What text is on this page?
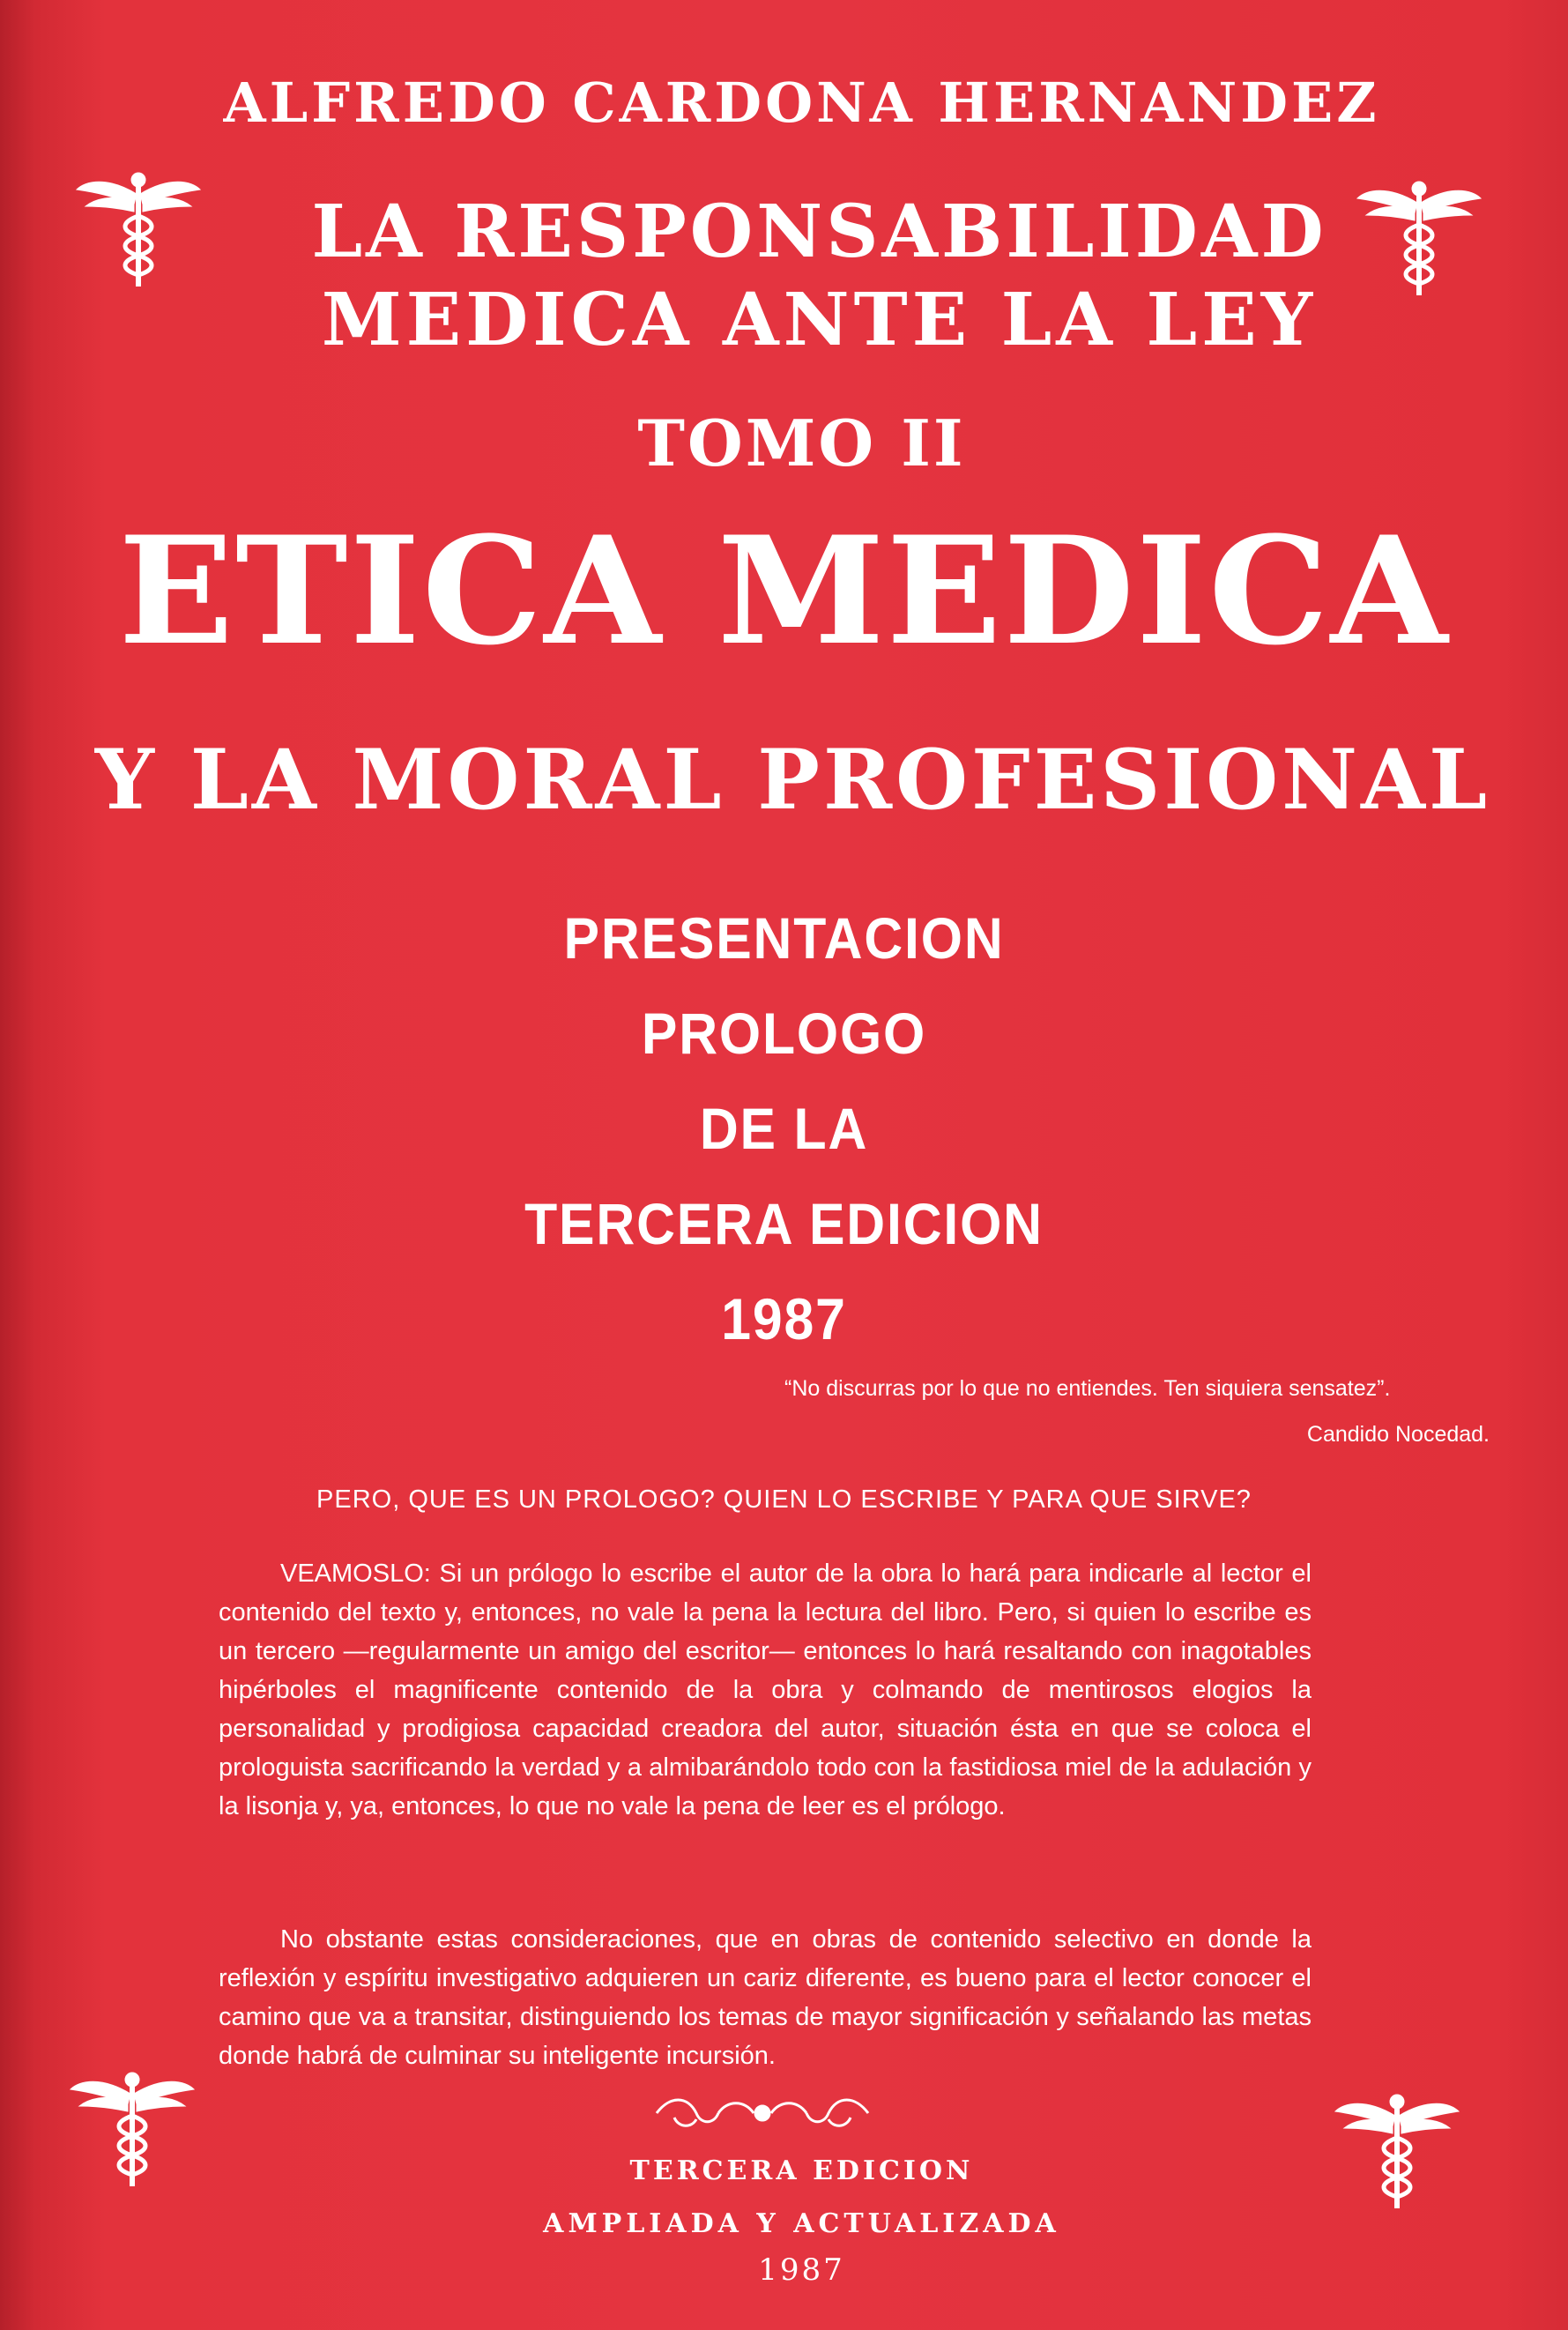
ALFREDO CARDONA HERNANDEZ
LA RESPONSABILIDAD
MEDICA ANTE LA LEY
TOMO II
ETICA MEDICA
Y LA MORAL PROFESIONAL
PRESENTACION
PROLOGO
DE LA
TERCERA EDICION
1987
“No discurras por lo que no entiendes. Ten siquiera sensatez”.
Candido Nocedad.
PERO, QUE ES UN PROLOGO? QUIEN LO ESCRIBE Y PARA QUE SIRVE?
VEAMOSLO: Si un prólogo lo escribe el autor de la obra lo hará para indicarle al lector el contenido del texto y, entonces, no vale la pena la lectura del libro. Pero, si quien lo escribe es un tercero —regularmente un amigo del escritor— entonces lo hará resaltando con inagotables hipérboles el magnificente contenido de la obra y colmando de mentirosos elogios la personalidad y prodigiosa capacidad creadora del autor, situación ésta en que se coloca el prologuista sacrificando la verdad y a almibarándolo todo con la fastidiosa miel de la adulación y la lisonja y, ya, entonces, lo que no vale la pena de leer es el prólogo.
No obstante estas consideraciones, que en obras de contenido selectivo en donde la reflexión y espíritu investigativo adquieren un cariz diferente, es bueno para el lector conocer el camino que va a transitar, distinguiendo los temas de mayor significación y señalando las metas donde habrá de culminar su inteligente incursión.
TERCERA EDICION
AMPLIADA Y ACTUALIZADA
1987
